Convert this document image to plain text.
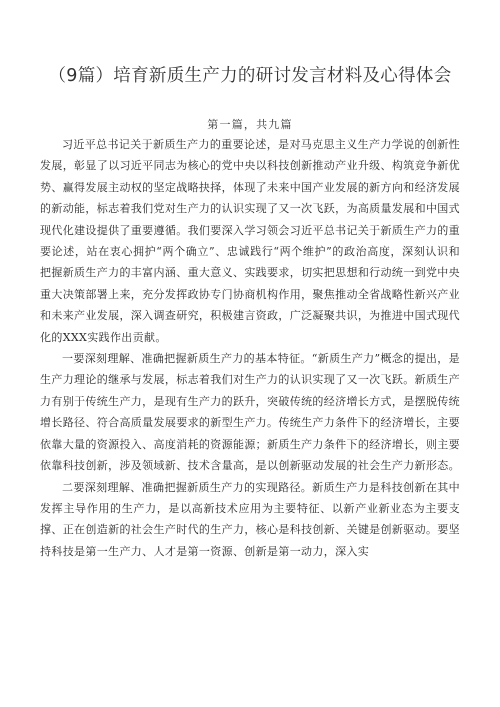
（9篇）培育新质生产力的研讨发言材料及心得体会
第一篇，共九篇

习近平总书记关于新质生产力的重要论述，是对马克思主义生产力学说的创新性发展，彰显了以习近平同志为核心的党中央以科技创新推动产业升级、构筑竞争新优势、赢得发展主动权的坚定战略抉择，体现了未来中国产业发展的新方向和经济发展的新动能，标志着我们党对生产力的认识实现了又一次飞跃，为高质量发展和中国式现代化建设提供了重要遵循。我们要深入学习领会习近平总书记关于新质生产力的重要论述，站在衷心拥护“两个确立”、忠诚践行“两个维护”的政治高度，深刻认识和把握新质生产力的丰富内涵、重大意义、实践要求，切实把思想和行动统一到党中央重大决策部署上来，充分发挥政协专门协商机构作用，聚焦推动全省战略性新兴产业和未来产业发展，深入调查研究，积极建言资政，广泛凝聚共识，为推进中国式现代化的XXX实践作出贡献。

一要深刻理解、准确把握新质生产力的基本特征。“新质生产力”概念的提出，是生产力理论的继承与发展，标志着我们对生产力的认识实现了又一次飞跃。新质生产力有别于传统生产力，是现有生产力的跃升，突破传统的经济增长方式，是摆脱传统增长路径、符合高质量发展要求的新型生产力。传统生产力条件下的经济增长，主要依靠大量的资源投入、高度消耗的资源能源；新质生产力条件下的经济增长，则主要依靠科技创新，涉及领域新、技术含量高，是以创新驱动发展的社会生产力新形态。

二要深刻理解、准确把握新质生产力的实现路径。新质生产力是科技创新在其中发挥主导作用的生产力，是以高新技术应用为主要特征、以新产业新业态为主要支撑、正在创造新的社会生产时代的生产力，核心是科技创新、关键是创新驱动。要坚持科技是第一生产力、人才是第一资源、创新是第一动力，深入实
